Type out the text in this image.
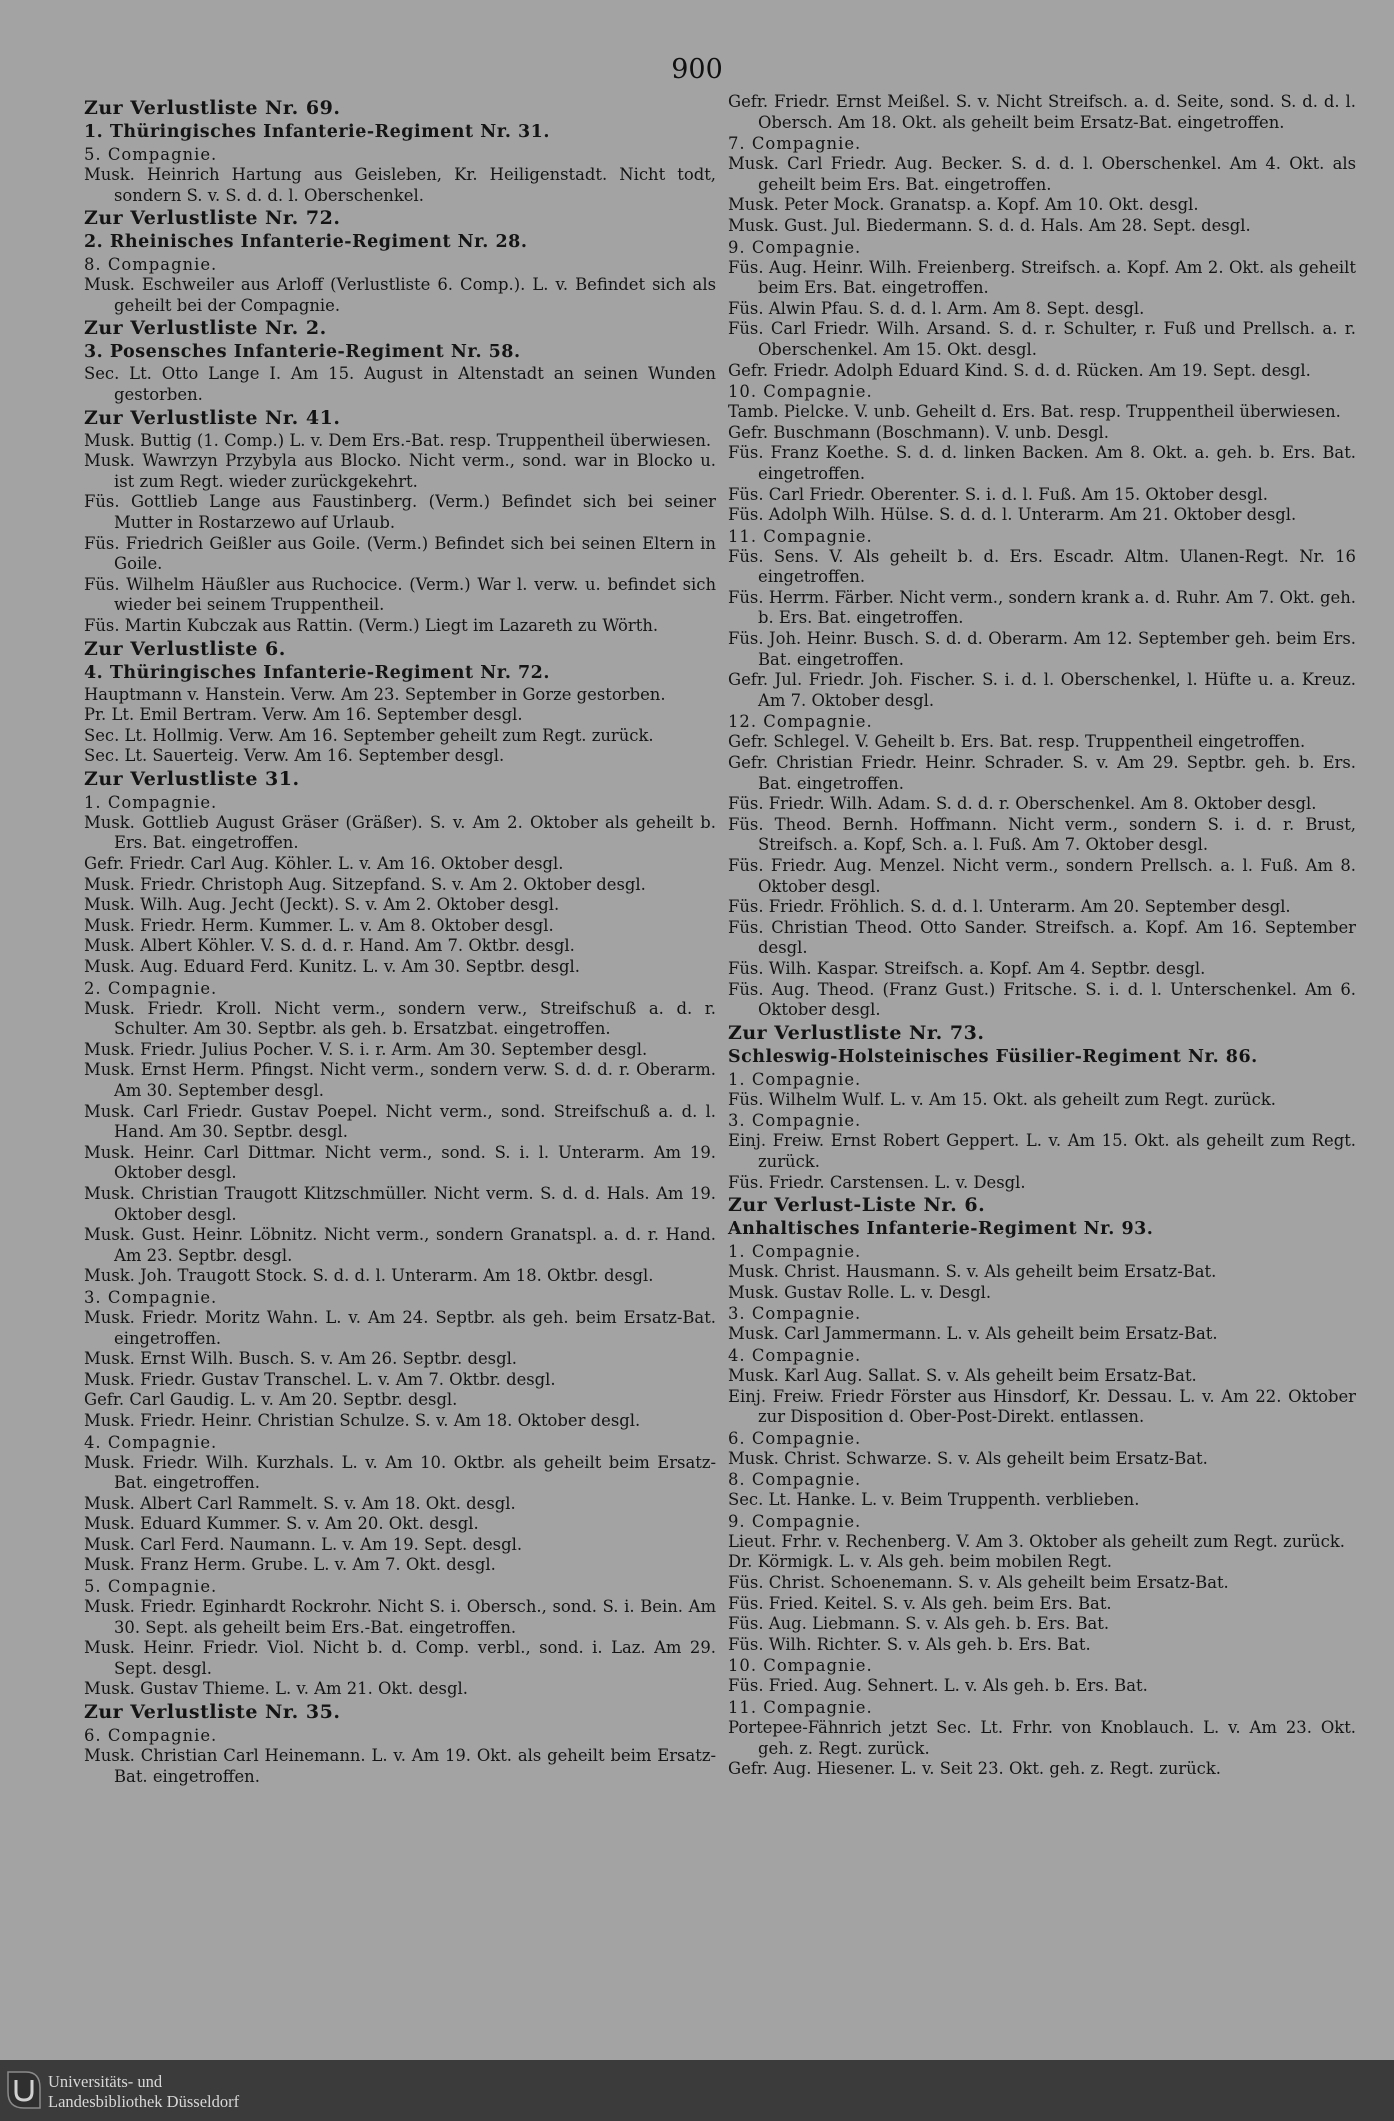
900

Zur Verlustliste Nr. 69.

1. Thüringisches Infanterie-Regiment Nr. 31.

5. Compagnie.

Musk. Heinrich Hartung aus Geisleben, Kr. Heiligenstadt. Nicht todt, sondern S. v. S. d. d. l. Oberschenkel.

Zur Verlustliste Nr. 72.

2. Rheinisches Infanterie-Regiment Nr. 28.

8. Compagnie.

Musk. Eschweiler aus Arloff (Verlustliste 6. Comp.). L. v. Befindet sich als geheilt bei der Compagnie.

Zur Verlustliste Nr. 2.

3. Posensches Infanterie-Regiment Nr. 58.

Sec. Lt. Otto Lange I. Am 15. August in Altenstadt an seinen Wunden gestorben.

Zur Verlustliste Nr. 41.

Musk. Buttig (1. Comp.) L. v. Dem Ers.-Bat. resp. Truppentheil überwiesen.

Musk. Wawrzyn Przybyla aus Blocko. Nicht verm., sond. war in Blocko u. ist zum Regt. wieder zurückgekehrt.

Füs. Gottlieb Lange aus Faustinberg. (Verm.) Befindet sich bei seiner Mutter in Rostarzewo auf Urlaub.

Füs. Friedrich Geißler aus Goile. (Verm.) Befindet sich bei seinen Eltern in Goile.

Füs. Wilhelm Häußler aus Ruchocice. (Verm.) War l. verw. u. befindet sich wieder bei seinem Truppentheil.

Füs. Martin Kubczak aus Rattin. (Verm.) Liegt im Lazareth zu Wörth.

Zur Verlustliste 6.

4. Thüringisches Infanterie-Regiment Nr. 72.

Hauptmann v. Hanstein. Verw. Am 23. September in Gorze gestorben.

Pr. Lt. Emil Bertram. Verw. Am 16. September desgl.

Sec. Lt. Hollmig. Verw. Am 16. September geheilt zum Regt. zurück.

Sec. Lt. Sauerteig. Verw. Am 16. September desgl.

Zur Verlustliste 31.

1. Compagnie.

Musk. Gottlieb August Gräser (Gräßer). S. v. Am 2. Oktober als geheilt b. Ers. Bat. eingetroffen.

Gefr. Friedr. Carl Aug. Köhler. L. v. Am 16. Oktober desgl.

Musk. Friedr. Christoph Aug. Sitzepfand. S. v. Am 2. Oktober desgl.

Musk. Wilh. Aug. Jecht (Jeckt). S. v. Am 2. Oktober desgl.

Musk. Friedr. Herm. Kummer. L. v. Am 8. Oktober desgl.

Musk. Albert Köhler. V. S. d. d. r. Hand. Am 7. Oktbr. desgl.

Musk. Aug. Eduard Ferd. Kunitz. L. v. Am 30. Septbr. desgl.

2. Compagnie.

Musk. Friedr. Kroll. Nicht verm., sondern verw., Streifschuß a. d. r. Schulter. Am 30. Septbr. als geh. b. Ersatzbat. eingetroffen.

Musk. Friedr. Julius Pocher. V. S. i. r. Arm. Am 30. September desgl.

Musk. Ernst Herm. Pfingst. Nicht verm., sondern verw. S. d. d. r. Oberarm. Am 30. September desgl.

Musk. Carl Friedr. Gustav Poepel. Nicht verm., sond. Streifschuß a. d. l. Hand. Am 30. Septbr. desgl.

Musk. Heinr. Carl Dittmar. Nicht verm., sond. S. i. l. Unterarm. Am 19. Oktober desgl.

Musk. Christian Traugott Klitzschmüller. Nicht verm. S. d. d. Hals. Am 19. Oktober desgl.

Musk. Gust. Heinr. Löbnitz. Nicht verm., sondern Granatspl. a. d. r. Hand. Am 23. Septbr. desgl.

Musk. Joh. Traugott Stock. S. d. d. l. Unterarm. Am 18. Oktbr. desgl.

3. Compagnie.

Musk. Friedr. Moritz Wahn. L. v. Am 24. Septbr. als geh. beim Ersatz-Bat. eingetroffen.

Musk. Ernst Wilh. Busch. S. v. Am 26. Septbr. desgl.

Musk. Friedr. Gustav Transchel. L. v. Am 7. Oktbr. desgl.

Gefr. Carl Gaudig. L. v. Am 20. Septbr. desgl.

Musk. Friedr. Heinr. Christian Schulze. S. v. Am 18. Oktober desgl.

4. Compagnie.

Musk. Friedr. Wilh. Kurzhals. L. v. Am 10. Oktbr. als geheilt beim Ersatz-Bat. eingetroffen.

Musk. Albert Carl Rammelt. S. v. Am 18. Okt. desgl.

Musk. Eduard Kummer. S. v. Am 20. Okt. desgl.

Musk. Carl Ferd. Naumann. L. v. Am 19. Sept. desgl.

Musk. Franz Herm. Grube. L. v. Am 7. Okt. desgl.

5. Compagnie.

Musk. Friedr. Eginhardt Rockrohr. Nicht S. i. Obersch., sond. S. i. Bein. Am 30. Sept. als geheilt beim Ers.-Bat. eingetroffen.

Musk. Heinr. Friedr. Viol. Nicht b. d. Comp. verbl., sond. i. Laz. Am 29. Sept. desgl.

Musk. Gustav Thieme. L. v. Am 21. Okt. desgl.

Zur Verlustliste Nr. 35.

6. Compagnie.

Musk. Christian Carl Heinemann. L. v. Am 19. Okt. als geheilt beim Ersatz-Bat. eingetroffen.

Gefr. Friedr. Ernst Meißel. S. v. Nicht Streifsch. a. d. Seite, sond. S. d. d. l. Obersch. Am 18. Okt. als geheilt beim Ersatz-Bat. eingetroffen.

7. Compagnie.

Musk. Carl Friedr. Aug. Becker. S. d. d. l. Oberschenkel. Am 4. Okt. als geheilt beim Ers. Bat. eingetroffen.

Musk. Peter Mock. Granatsp. a. Kopf. Am 10. Okt. desgl.

Musk. Gust. Jul. Biedermann. S. d. d. Hals. Am 28. Sept. desgl.

9. Compagnie.

Füs. Aug. Heinr. Wilh. Freienberg. Streifsch. a. Kopf. Am 2. Okt. als geheilt beim Ers. Bat. eingetroffen.

Füs. Alwin Pfau. S. d. d. l. Arm. Am 8. Sept. desgl.

Füs. Carl Friedr. Wilh. Arsand. S. d. r. Schulter, r. Fuß und Prellsch. a. r. Oberschenkel. Am 15. Okt. desgl.

Gefr. Friedr. Adolph Eduard Kind. S. d. d. Rücken. Am 19. Sept. desgl.

10. Compagnie.

Tamb. Pielcke. V. unb. Geheilt d. Ers. Bat. resp. Truppentheil überwiesen.

Gefr. Buschmann (Boschmann). V. unb. Desgl.

Füs. Franz Koethe. S. d. d. linken Backen. Am 8. Okt. a. geh. b. Ers. Bat. eingetroffen.

Füs. Carl Friedr. Oberenter. S. i. d. l. Fuß. Am 15. Oktober desgl.

Füs. Adolph Wilh. Hülse. S. d. d. l. Unterarm. Am 21. Oktober desgl.

11. Compagnie.

Füs. Sens. V. Als geheilt b. d. Ers. Escadr. Altm. Ulanen-Regt. Nr. 16 eingetroffen.

Füs. Herrm. Färber. Nicht verm., sondern krank a. d. Ruhr. Am 7. Okt. geh. b. Ers. Bat. eingetroffen.

Füs. Joh. Heinr. Busch. S. d. d. Oberarm. Am 12. September geh. beim Ers. Bat. eingetroffen.

Gefr. Jul. Friedr. Joh. Fischer. S. i. d. l. Oberschenkel, l. Hüfte u. a. Kreuz. Am 7. Oktober desgl.

12. Compagnie.

Gefr. Schlegel. V. Geheilt b. Ers. Bat. resp. Truppentheil eingetroffen.

Gefr. Christian Friedr. Heinr. Schrader. S. v. Am 29. Septbr. geh. b. Ers. Bat. eingetroffen.

Füs. Friedr. Wilh. Adam. S. d. d. r. Oberschenkel. Am 8. Oktober desgl.

Füs. Theod. Bernh. Hoffmann. Nicht verm., sondern S. i. d. r. Brust, Streifsch. a. Kopf, Sch. a. l. Fuß. Am 7. Oktober desgl.

Füs. Friedr. Aug. Menzel. Nicht verm., sondern Prellsch. a. l. Fuß. Am 8. Oktober desgl.

Füs. Friedr. Fröhlich. S. d. d. l. Unterarm. Am 20. September desgl.

Füs. Christian Theod. Otto Sander. Streifsch. a. Kopf. Am 16. September desgl.

Füs. Wilh. Kaspar. Streifsch. a. Kopf. Am 4. Septbr. desgl.

Füs. Aug. Theod. (Franz Gust.) Fritsche. S. i. d. l. Unterschenkel. Am 6. Oktober desgl.

Zur Verlustliste Nr. 73.

Schleswig-Holsteinisches Füsilier-Regiment Nr. 86.

1. Compagnie.

Füs. Wilhelm Wulf. L. v. Am 15. Okt. als geheilt zum Regt. zurück.

3. Compagnie.

Einj. Freiw. Ernst Robert Geppert. L. v. Am 15. Okt. als geheilt zum Regt. zurück.

Füs. Friedr. Carstensen. L. v. Desgl.

Zur Verlust-Liste Nr. 6.

Anhaltisches Infanterie-Regiment Nr. 93.

1. Compagnie.

Musk. Christ. Hausmann. S. v. Als geheilt beim Ersatz-Bat.

Musk. Gustav Rolle. L. v. Desgl.

3. Compagnie.

Musk. Carl Jammermann. L. v. Als geheilt beim Ersatz-Bat.

4. Compagnie.

Musk. Karl Aug. Sallat. S. v. Als geheilt beim Ersatz-Bat.

Einj. Freiw. Friedr Förster aus Hinsdorf, Kr. Dessau. L. v. Am 22. Oktober zur Disposition d. Ober-Post-Direkt. entlassen.

6. Compagnie.

Musk. Christ. Schwarze. S. v. Als geheilt beim Ersatz-Bat.

8. Compagnie.

Sec. Lt. Hanke. L. v. Beim Truppenth. verblieben.

9. Compagnie.

Lieut. Frhr. v. Rechenberg. V. Am 3. Oktober als geheilt zum Regt. zurück.

Dr. Körmigk. L. v. Als geh. beim mobilen Regt.

Füs. Christ. Schoenemann. S. v. Als geheilt beim Ersatz-Bat.

Füs. Fried. Keitel. S. v. Als geh. beim Ers. Bat.

Füs. Aug. Liebmann. S. v. Als geh. b. Ers. Bat.

Füs. Wilh. Richter. S. v. Als geh. b. Ers. Bat.

10. Compagnie.

Füs. Fried. Aug. Sehnert. L. v. Als geh. b. Ers. Bat.

11. Compagnie.

Portepee-Fähnrich jetzt Sec. Lt. Frhr. von Knoblauch. L. v. Am 23. Okt. geh. z. Regt. zurück.

Gefr. Aug. Hiesener. L. v. Seit 23. Okt. geh. z. Regt. zurück.

Universitäts- und
Landesbibliothek Düsseldorf
